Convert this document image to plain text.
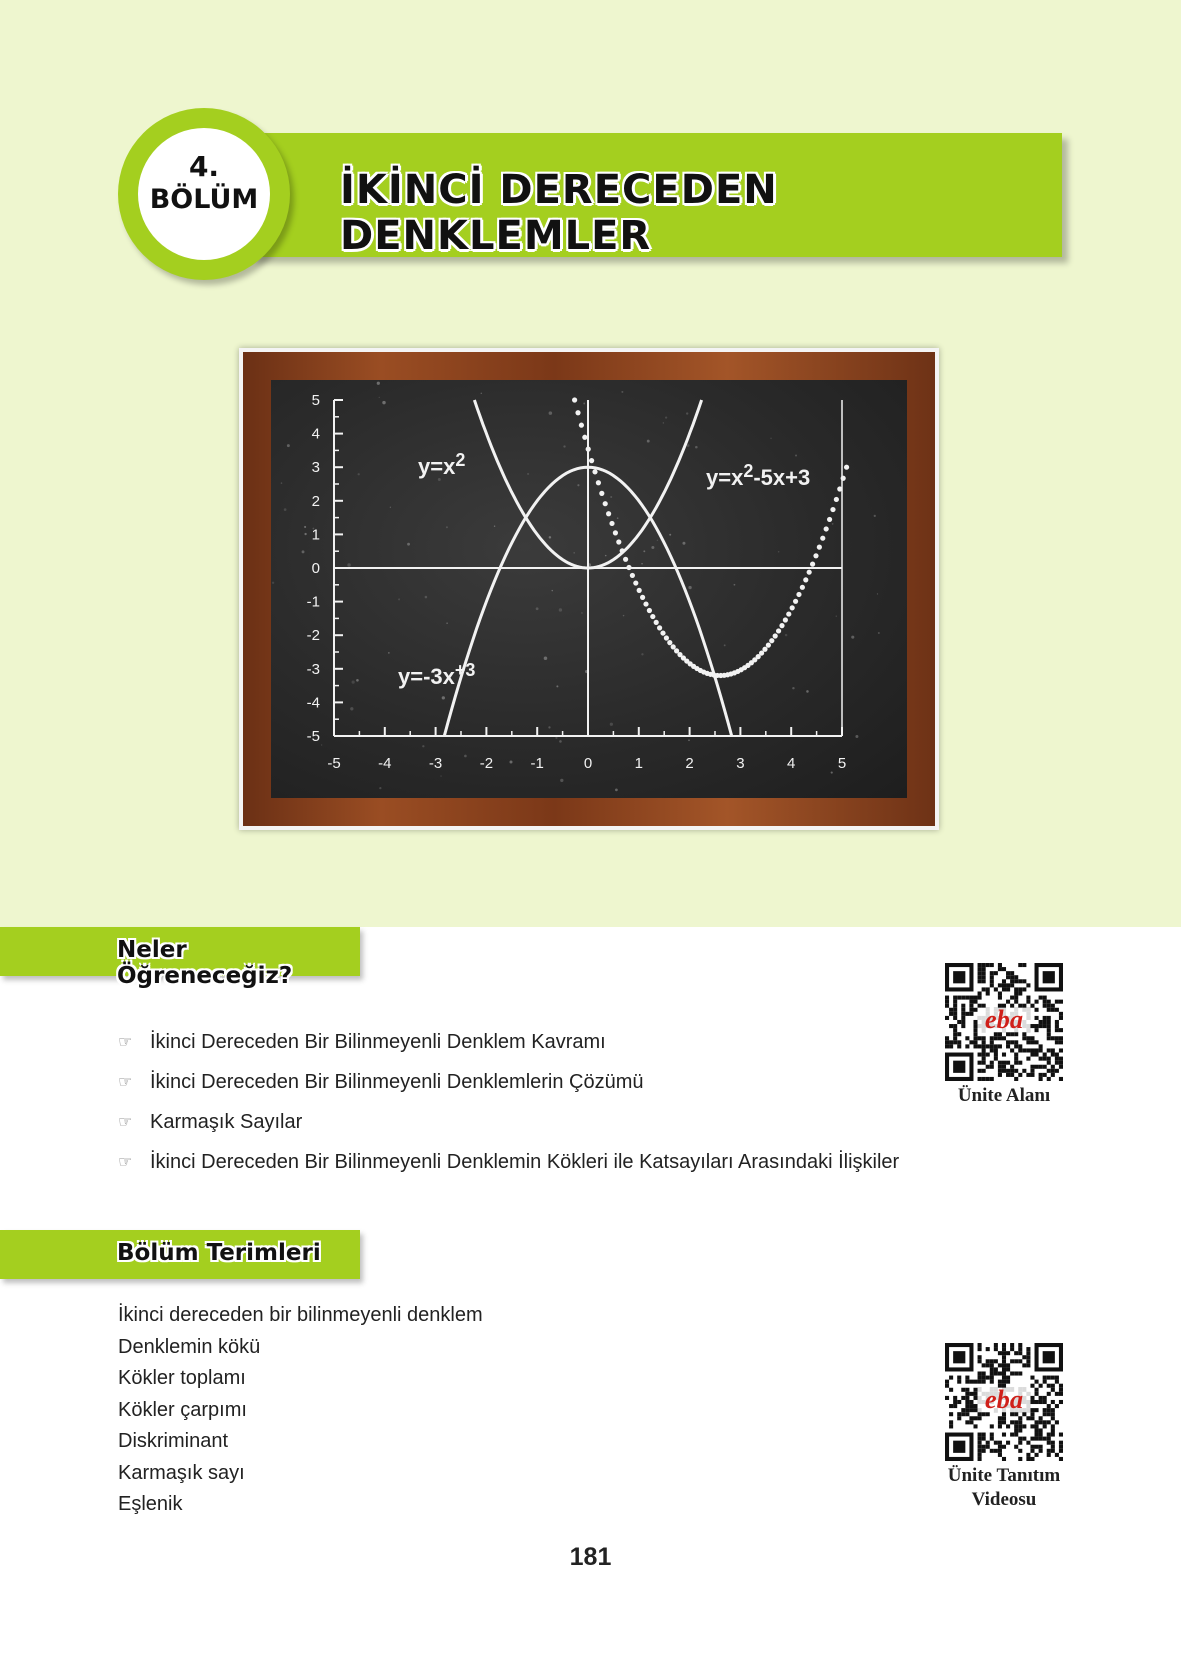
İKİNCİ DERECEDEN DENKLEMLER
4.
BÖLÜM
-5 -4 -3 -2 -1	0	1	2	3	4	5
5
4
3
2
1
0
-1
-2
-3
-4
-5
$y=x^2$
$y=x^2-5x+3$
$y=-3x^{+3}$
Neler Öğreneceğiz?
☞ İkinci Dereceden Bir Bilinmeyenli Denklem Kavramı
☞ İkinci Dereceden Bir Bilinmeyenli Denklemlerin Çözümü
☞ Karmaşık Sayılar
☞ İkinci Dereceden Bir Bilinmeyenli Denklemin Kökleri ile Katsayıları Arasındaki İlişkiler
Bölüm Terimleri
İkinci dereceden bir bilinmeyenli denklem
Denklemin kökü
Kökler toplamı
Kökler çarpımı
Diskriminant
Karmaşık sayı
Eşlenik
eba
Ünite Alanı
eba
Ünite Tanıtım
Videosu
181
